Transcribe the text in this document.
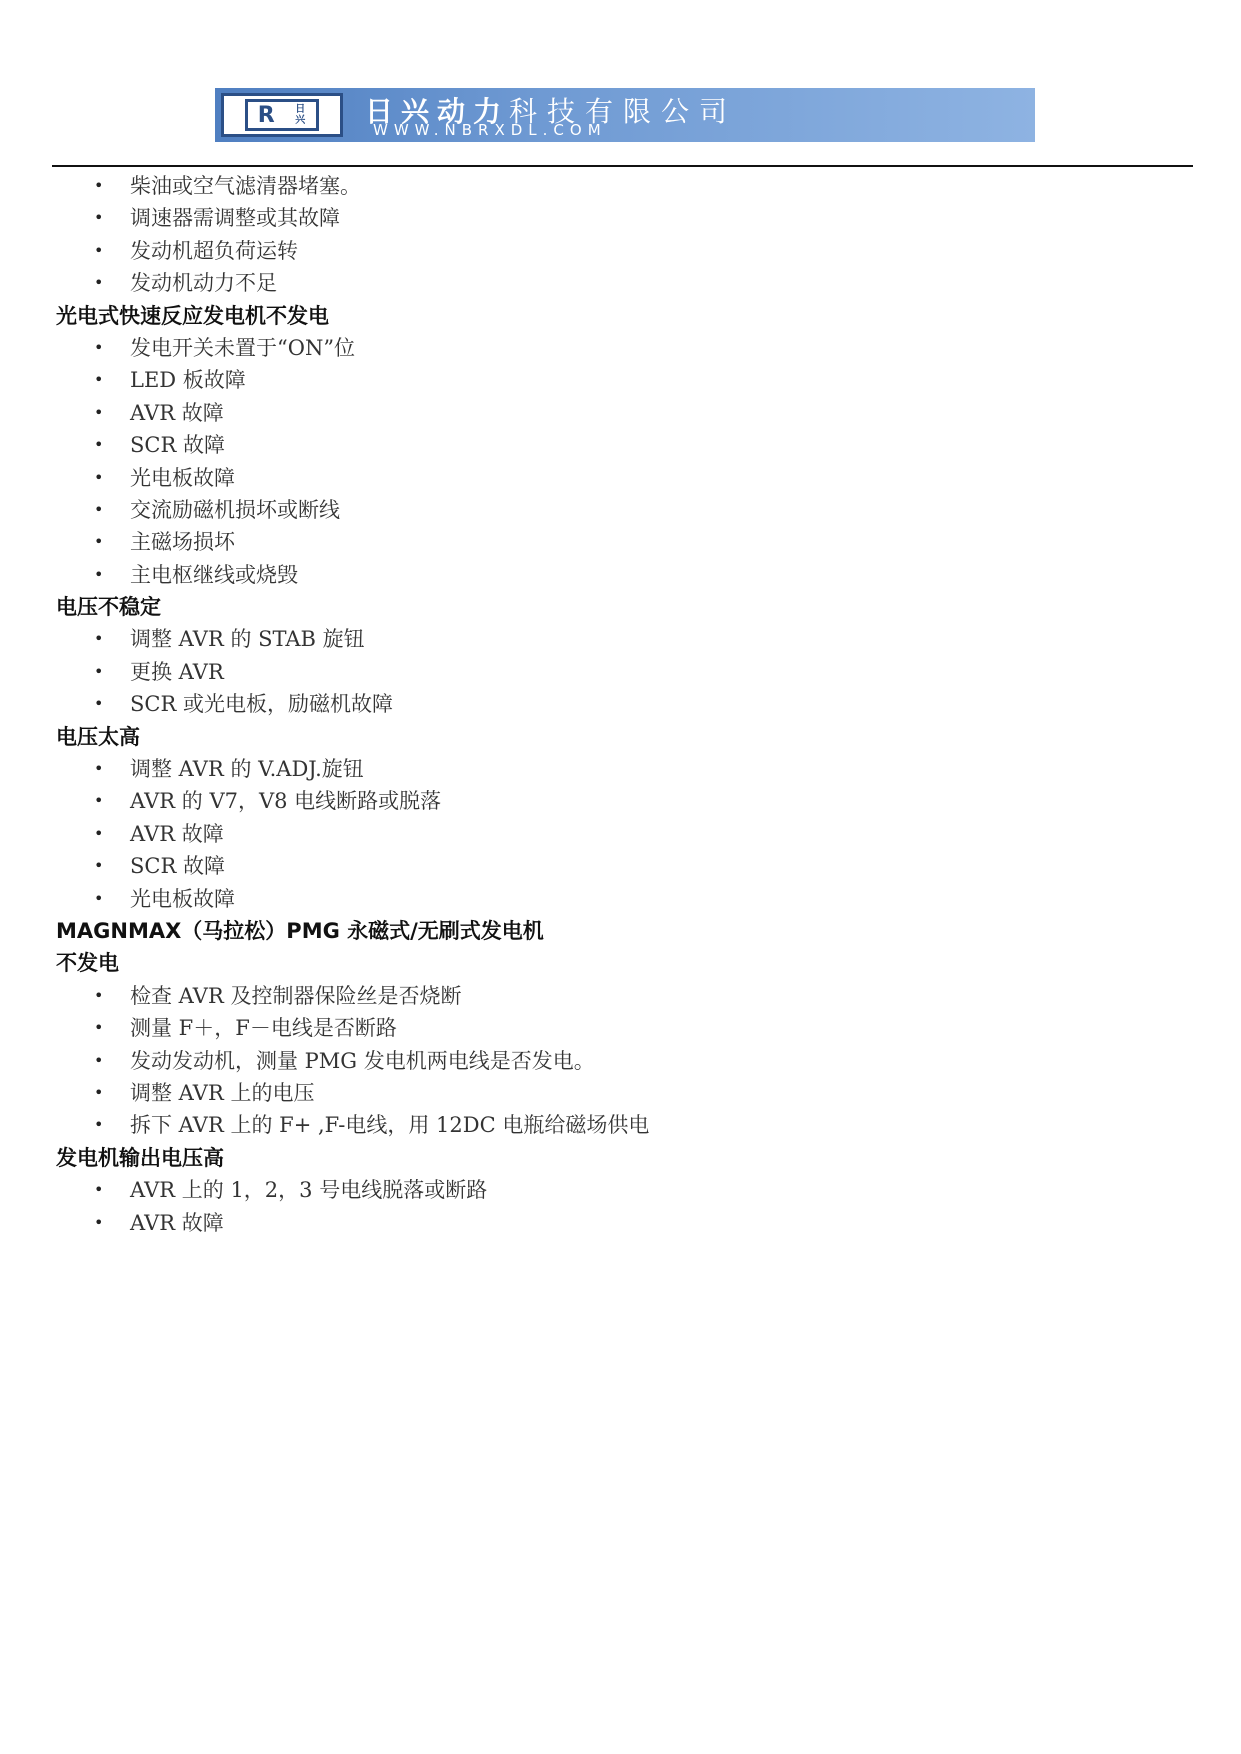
R 日兴 日兴动力科技有限公司
WWW.NBRXDL.COM
• 柴油或空气滤清器堵塞。
• 调速器需调整或其故障
• 发动机超负荷运转
• 发动机动力不足
光电式快速反应发电机不发电
• 发电开关未置于“ON”位
• LED 板故障
• AVR 故障
• SCR 故障
• 光电板故障
• 交流励磁机损坏或断线
• 主磁场损坏
• 主电枢继线或烧毁
电压不稳定
• 调整 AVR 的 STAB 旋钮
• 更换 AVR
• SCR 或光电板，励磁机故障
电压太高
• 调整 AVR 的 V.ADJ.旋钮
• AVR 的 V7，V8 电线断路或脱落
• AVR 故障
• SCR 故障
• 光电板故障
MAGNMAX（马拉松）PMG 永磁式/无刷式发电机
不发电
• 检查 AVR 及控制器保险丝是否烧断
• 测量 F＋，F－电线是否断路
• 发动发动机，测量 PMG 发电机两电线是否发电。
• 调整 AVR 上的电压
• 拆下 AVR 上的 F+ ,F-电线，用 12DC 电瓶给磁场供电
发电机输出电压高
• AVR 上的 1，2，3 号电线脱落或断路
• AVR 故障
